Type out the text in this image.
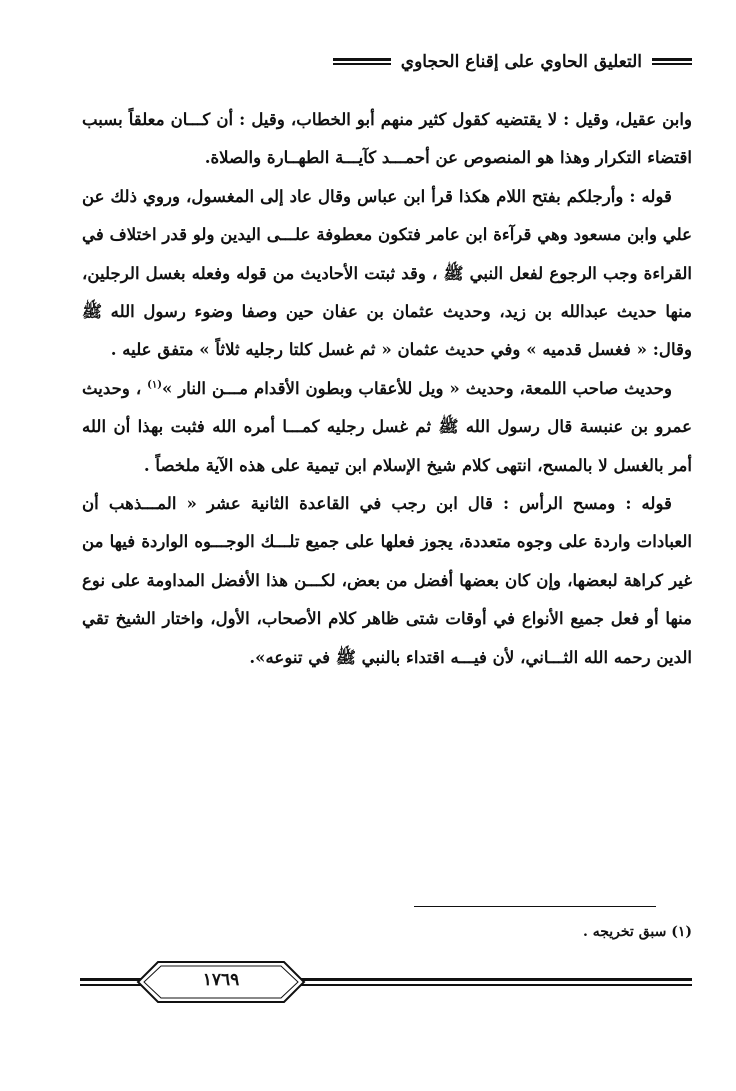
التعليق الحاوي على إقناع الحجاوي

وابن عقيل، وقيل : لا يقتضيه كقول كثير منهم أبو الخطاب، وقيل : أن كـــان معلقاً بسبب اقتضاء التكرار وهذا هو المنصوص عن أحمـــد كآيـــة الطهــارة والصلاة.

قوله : وأرجلكم بفتح اللام هكذا قرأ ابن عباس وقال عاد إلى المغسول، وروي ذلك عن علي وابن مسعود وهي قرآءة ابن عامر فتكون معطوفة علـــى اليدين ولو قدر اختلاف في القراءة وجب الرجوع لفعل النبي ﷺ ، وقد ثبتت الأحاديث من قوله وفعله بغسل الرجلين، منها حديث عبدالله بن زيد، وحديث عثمان بن عفان حين وصفا وضوء رسول الله ﷺ وقال: « فغسل قدميه » وفي حديث عثمان « ثم غسل كلتا رجليه ثلاثاً » متفق عليه .

وحديث صاحب اللمعة، وحديث « ويل للأعقاب وبطون الأقدام مـــن النار »$^{(١)}$ ، وحديث عمرو بن عنبسة قال رسول الله ﷺ ثم غسل رجليه كمـــا أمره الله فثبت بهذا أن الله أمر بالغسل لا بالمسح، انتهى كلام شيخ الإسلام ابن تيمية على هذه الآية ملخصاً .

قوله : ومسح الرأس : قال ابن رجب في القاعدة الثانية عشر « المـــذهب أن العبادات واردة على وجوه متعددة، يجوز فعلها على جميع تلـــك الوجـــوه الواردة فيها من غير كراهة لبعضها، وإن كان بعضها أفضل من بعض، لكـــن هذا الأفضل المداومة على نوع منها أو فعل جميع الأنواع في أوقات شتى ظاهر كلام الأصحاب، الأول، واختار الشيخ تقي الدين رحمه الله الثـــاني، لأن فيـــه اقتداء بالنبي ﷺ في تنوعه».

(١) سبق تخريجه .
١٧٦٩
